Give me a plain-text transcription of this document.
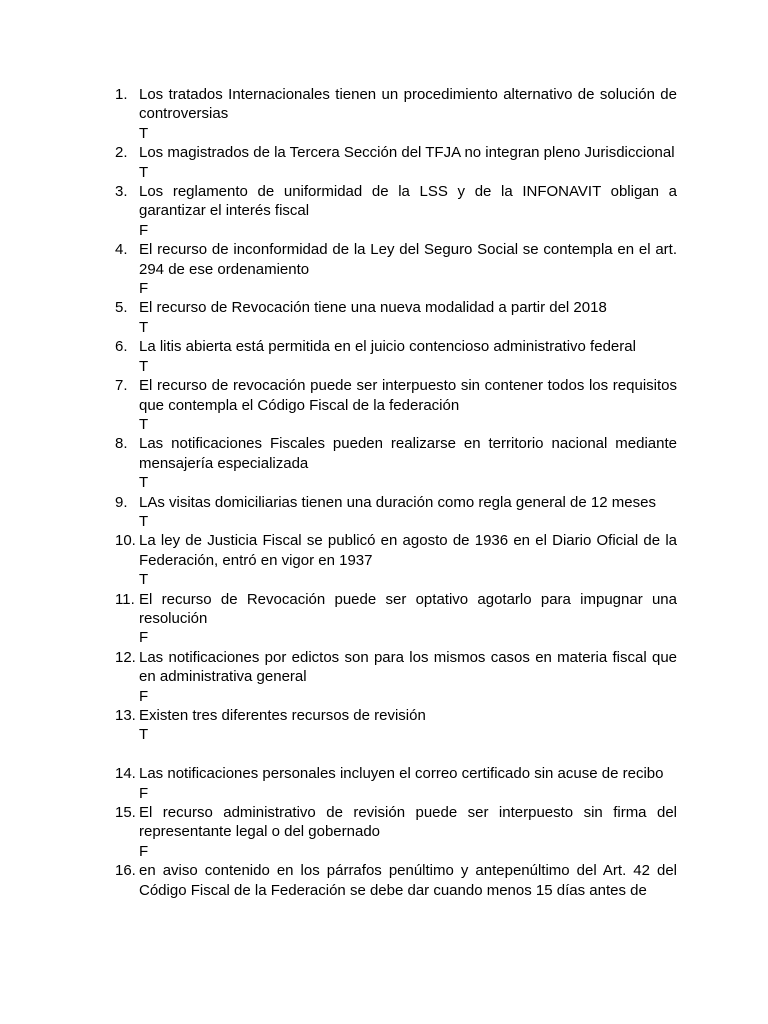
1. Los tratados Internacionales tienen un procedimiento alternativo de solución de controversias
T
2. Los magistrados de la Tercera Sección del TFJA no integran pleno Jurisdiccional
T
3. Los reglamento de uniformidad de la LSS y de la INFONAVIT obligan a garantizar el interés fiscal
F
4. El recurso de inconformidad de la Ley del Seguro Social se contempla en el art. 294 de ese ordenamiento
F
5. El recurso de Revocación tiene una nueva modalidad a partir del 2018
T
6. La litis abierta está permitida en el juicio contencioso administrativo federal
T
7. El recurso de revocación puede ser interpuesto sin contener todos los requisitos que contempla el Código Fiscal de la federación
T
8. Las notificaciones Fiscales pueden realizarse en territorio nacional mediante mensajería especializada
T
9. LAs visitas domiciliarias tienen una duración como regla general de 12 meses
T
10. La ley de Justicia Fiscal se publicó en agosto de 1936 en el Diario Oficial de la Federación, entró en vigor en 1937
T
11. El recurso de Revocación puede ser optativo agotarlo para impugnar una resolución
F
12. Las notificaciones por edictos son para los mismos casos en materia fiscal que en administrativa general
F
13. Existen tres diferentes recursos de revisión
T
14. Las notificaciones personales incluyen el correo certificado sin acuse de recibo
F
15. El recurso administrativo de revisión puede ser interpuesto sin firma del representante legal o del gobernado
F
16. en aviso contenido en los párrafos penúltimo y antepenúltimo del Art. 42 del Código Fiscal de la Federación se debe dar cuando menos 15 días antes de
